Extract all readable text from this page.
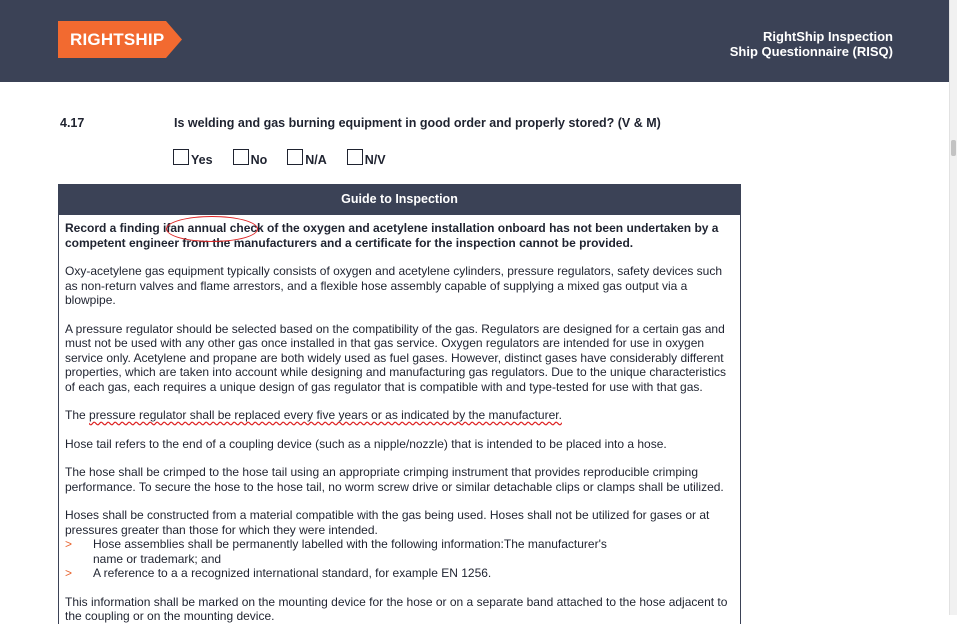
RIGHTSHIP	RightShip Inspection
Ship Questionnaire (RISQ)
4.17	Is welding and gas burning equipment in good order and properly stored? (V & M)
Yes	No	N/A	N/V
Guide to Inspection

Record a finding if
an annual check of the oxygen and acetylene installation onboard has not been undertaken by a competent engineer from the manufacturers and a certificate for the inspection cannot be provided.

Oxy-acetylene gas equipment typically consists of oxygen and acetylene cylinders, pressure regulators, safety devices such as non-return valves and flame arrestors, and a flexible hose assembly capable of supplying a mixed gas output via a blowpipe.

A pressure regulator should be selected based on the compatibility of the gas. Regulators are designed for a certain gas and must not be used with any other gas once installed in that gas service. Oxygen regulators are intended for use in oxygen service only. Acetylene and propane are both widely used as fuel gases. However, distinct gases have considerably different properties, which are taken into account while designing and manufacturing gas regulators. Due to the unique characteristics of each gas, each requires a unique design of gas regulator that is compatible with and type-tested for use with that gas.

The pressure regulator shall be replaced every five years or as indicated by the manufacturer.

Hose tail refers to the end of a coupling device (such as a nipple/nozzle) that is intended to be placed into a hose.

The hose shall be crimped to the hose tail using an appropriate crimping instrument that provides reproducible crimping performance. To secure the hose to the hose tail, no worm screw drive or similar detachable clips or clamps shall be utilized.

Hoses shall be constructed from a material compatible with the gas being used. Hoses shall not be utilized for gases or at pressures greater than those for which they were intended.

>	Hose assemblies shall be permanently labelled with the following information:The manufacturer's name or trademark; and
>	A reference to a a recognized international standard, for example EN 1256.

This information shall be marked on the mounting device for the hose or on a separate band attached to the hose adjacent to the coupling or on the mounting device.
